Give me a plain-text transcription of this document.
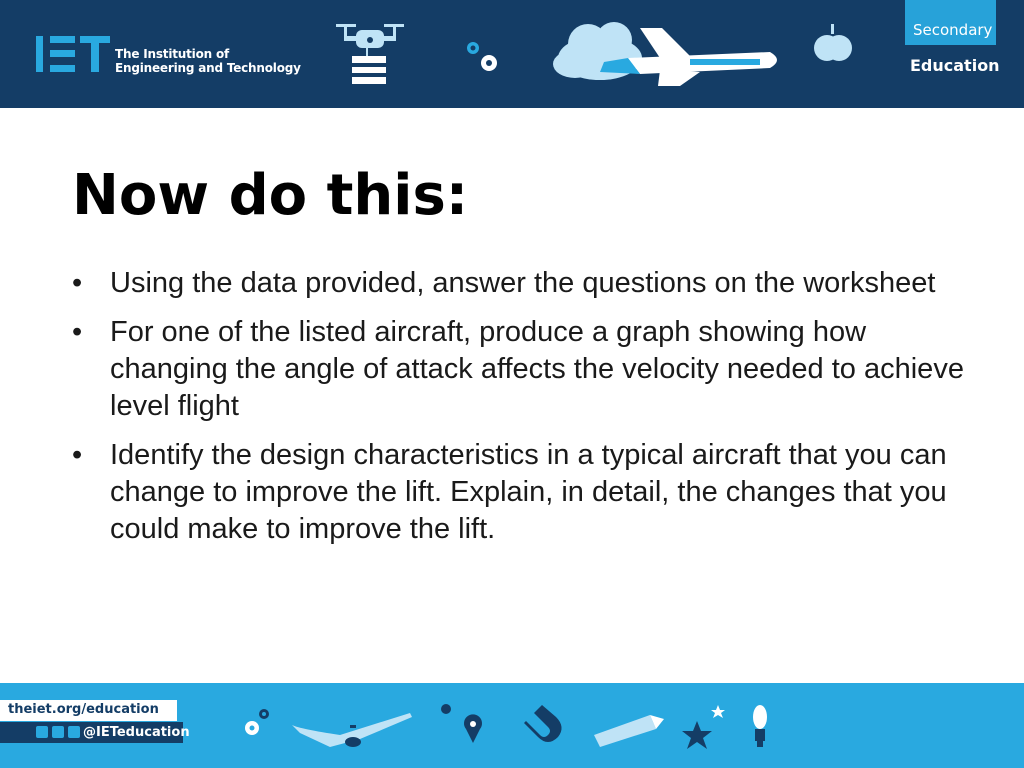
The Institution of
Engineering and Technology
Secondary
Education
Now do this:
• Using the data provided, answer the questions on the worksheet
• For one of the listed aircraft, produce a graph showing how changing the angle of attack affects the velocity needed to achieve level flight
• Identify the design characteristics in a typical aircraft that you can change to improve the lift. Explain, in detail, the changes that you could make to improve the lift.
theiet.org/education
@IETeducation
